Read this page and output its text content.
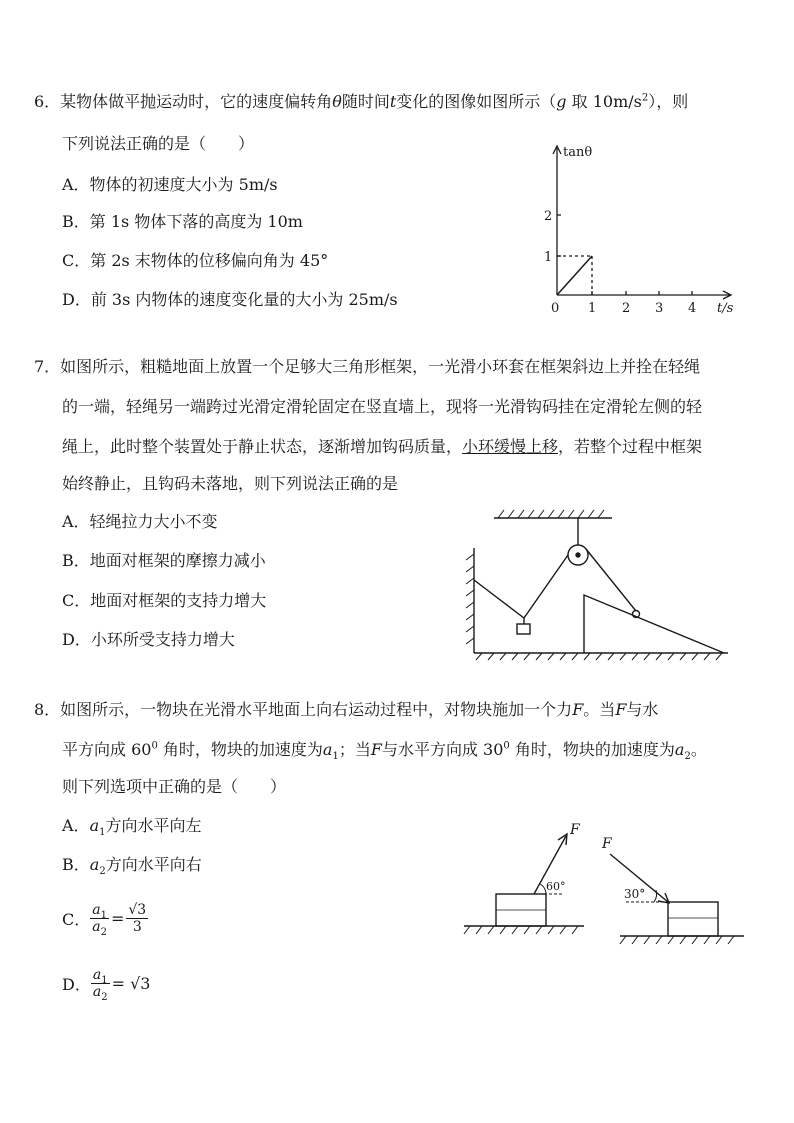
6．某物体做平抛运动时，它的速度偏转角θ随时间t变化的图像如图所示（g 取 $10m/s^2$），则
下列说法正确的是（　　）
A．物体的初速度大小为 5m/s
B．第 1s 物体下落的高度为 10m
C．第 2s 末物体的位移偏向角为 45°
D．前 3s 内物体的速度变化量的大小为 25m/s
tanθ
t/s
0 1 2 3 4
1
2
7．如图所示，粗糙地面上放置一个足够大三角形框架，一光滑小环套在框架斜边上并拴在轻绳
的一端，轻绳另一端跨过光滑定滑轮固定在竖直墙上，现将一光滑钩码挂在定滑轮左侧的轻
绳上，此时整个装置处于静止状态，逐渐增加钩码质量，小环缓慢上移，若整个过程中框架
始终静止，且钩码未落地，则下列说法正确的是
A．轻绳拉力大小不变
B．地面对框架的摩擦力减小
C．地面对框架的支持力增大
D．小环所受支持力增大
8．如图所示，一物块在光滑水平地面上向右运动过程中，对物块施加一个力F。当F与水
平方向成 $60^0$ 角时，物块的加速度为$a_1$；当F与水平方向成 $30^0$ 角时，物块的加速度为$a_2$。
则下列选项中正确的是（　　）
A．$a_1$方向水平向左
B．$a_2$方向水平向右
C． $\frac{a_1}{a_2} = \frac{√3}{3}$
D． $\frac{a_1}{a_2} = √3$
F
60°
F
30°
